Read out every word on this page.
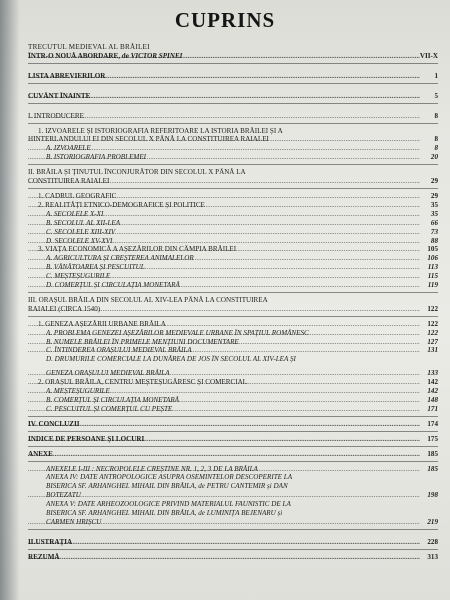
CUPRINS
TRECUTUL MEDIEVAL AL BRĂILEI
.....
ÎNTR-O NOUĂ ABORDARE, de VICTOR SPINEI	VII-X
.....
LISTA ABREVIERILOR	1
.....
CUVÂNT ÎNAINTE	5
.....
I. INTRODUCERE	8
1. IZVOARELE ȘI ISTORIOGRAFIA REFERITOARE LA ISTORIA BRĂILEI ȘI A
.....
HINTERLANDULUI EI DIN SECOLUL X PÂNĂ LA CONSTITUIREA RAIALEI	8
.....
A. IZVOARELE	8
.....
B. ISTORIOGRAFIA PROBLEMEI	20
II. BRĂILA ȘI ȚINUTUL ÎNCONJURĂTOR DIN SECOLUL X PÂNĂ LA
.....
CONSTITUIREA RAIALEI	29
.....
1. CADRUL GEOGRAFIC	29
.....
2. REALITĂȚI ETNICO-DEMOGRAFICE ȘI POLITICE	35
.....
A. SECOLELE X-XI	35
.....
B. SECOLUL AL XII-LEA	66
.....
C. SECOLELE XIII-XIV	73
.....
D. SECOLELE XV-XVI	88
.....
3. VIAȚA ECONOMICĂ A AȘEZĂRILOR DIN CÂMPIA BRĂILEI	105
.....
A. AGRICULTURA ȘI CREȘTEREA ANIMALELOR	106
.....
B. VÂNĂTOAREA ȘI PESCUITUL	113
.....
C. MEȘTEȘUGURILE	115
.....
D. COMERȚUL ȘI CIRCULAȚIA MONETARĂ	119
III. ORAȘUL BRĂILA DIN SECOLUL AL XIV-LEA PÂNĂ LA CONSTITUIREA
.....
RAIALEI (CIRCA 1540)	122
.....
1. GENEZA AȘEZĂRII URBANE BRĂILA	122
.....
A. PROBLEMA GENEZEI AȘEZĂRILOR MEDIEVALE URBANE ÎN SPAȚIUL ROMÂNESC	122
.....
B. NUMELE BRĂILEI ÎN PRIMELE MENȚIUNI DOCUMENTARE	127
.....
C. ÎNTINDEREA ORAȘULUI MEDIEVAL BRĂILA	131
D. DRUMURILE COMERCIALE LA DUNĂREA DE JOS ÎN SECOLUL AL XIV-LEA ȘI
.....
GENEZA ORAȘULUI MEDIEVAL BRĂILA	133
.....
2. ORAȘUL BRĂILA, CENTRU MEȘTEȘUGĂRESC ȘI COMERCIAL	142
.....
A. MEȘTEȘUGURILE	142
.....
B. COMERȚUL ȘI CIRCULAȚIA MONETARĂ	148
.....
C. PESCUITUL ȘI COMERȚUL CU PEȘTE	171
.....
IV. CONCLUZII	174
.....
INDICE DE PERSOANE ȘI LOCURI	175
.....
ANEXE	185
.....
ANEXELE I-III : NECROPOLELE CREȘTINE NR. 1, 2, 3 DE LA BRĂILA	185
ANEXA IV: DATE ANTROPOLOGICE ASUPRA OSEMINTELOR DESCOPERITE LA
BISERICA SF. ARHANGHEL MIHAIL DIN BRĂILA, de PETRU CANTEMIR și DAN
.....
BOTEZATU	198
ANEXA V: DATE ARHEOZOOLOGICE PRIVIND MATERIALUL FAUNISTIC DE LA
BISERICA SF. ARHANGHEL MIHAIL DIN BRĂILA, de LUMINIȚA BEJENARU și
.....
CARMEN HRIȘCU	219
.....
ILUSTRAȚIA	228
.....
REZUMĂ	313
